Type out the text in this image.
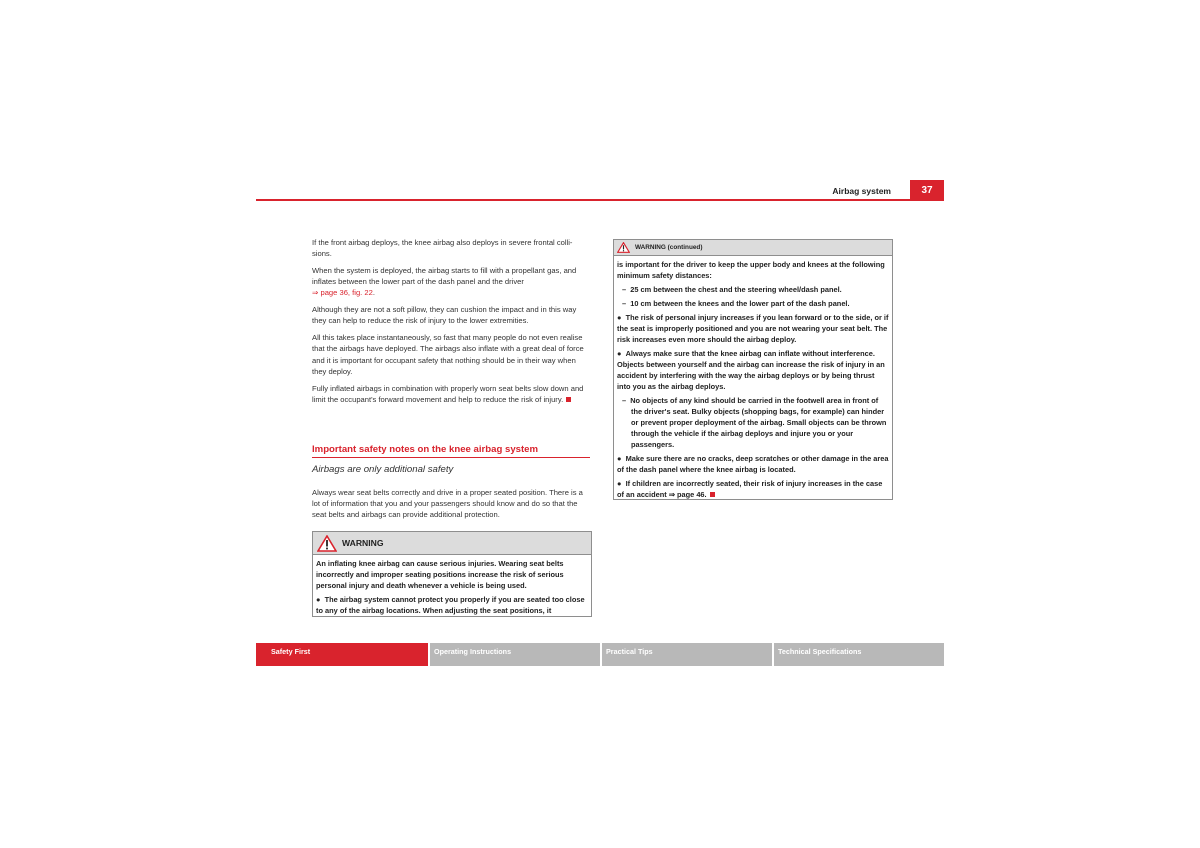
Airbag system	37

If the front airbag deploys, the knee airbag also deploys in severe frontal colli-sions.

When the system is deployed, the airbag starts to fill with a propellant gas, and inflates between the lower part of the dash panel and the driver
⇒ page 36, fig. 22.

Although they are not a soft pillow, they can cushion the impact and in this way they can help to reduce the risk of injury to the lower extremities.

All this takes place instantaneously, so fast that many people do not even realise that the airbags have deployed. The airbags also inflate with a great deal of force and it is important for occupant safety that nothing should be in their way when they deploy.

Fully inflated airbags in combination with properly worn seat belts slow down and limit the occupant's forward movement and help to reduce the risk of injury.

Important safety notes on the knee airbag system
Airbags are only additional safety
Always wear seat belts correctly and drive in a proper seated position. There is a lot of information that you and your passengers should know and do so that the seat belts and airbags can provide additional protection.
WARNING

An inflating knee airbag can cause serious injuries. Wearing seat belts incorrectly and improper seating positions increase the risk of serious personal injury and death whenever a vehicle is being used.

●  The airbag system cannot protect you properly if you are seated too close to any of the airbag locations. When adjusting the seat positions, it

WARNING (continued)

is important for the driver to keep the upper body and knees at the following minimum safety distances:

–  25 cm between the chest and the steering wheel/dash panel.

–  10 cm between the knees and the lower part of the dash panel.

●  The risk of personal injury increases if you lean forward or to the side, or if the seat is improperly positioned and you are not wearing your seat belt. The risk increases even more should the airbag deploy.

●  Always make sure that the knee airbag can inflate without interference. Objects between yourself and the airbag can increase the risk of injury in an accident by interfering with the way the airbag deploys or by being thrust into you as the airbag deploys.

–  No objects of any kind should be carried in the footwell area in front of the driver's seat. Bulky objects (shopping bags, for example) can hinder or prevent proper deployment of the airbag. Small objects can be thrown through the vehicle if the airbag deploys and injure you or your passengers.

●  Make sure there are no cracks, deep scratches or other damage in the area of the dash panel where the knee airbag is located.

●  If children are incorrectly seated, their risk of injury increases in the case of an accident ⇒ page 46.

Safety First	Operating Instructions	Practical Tips	Technical Specifications
